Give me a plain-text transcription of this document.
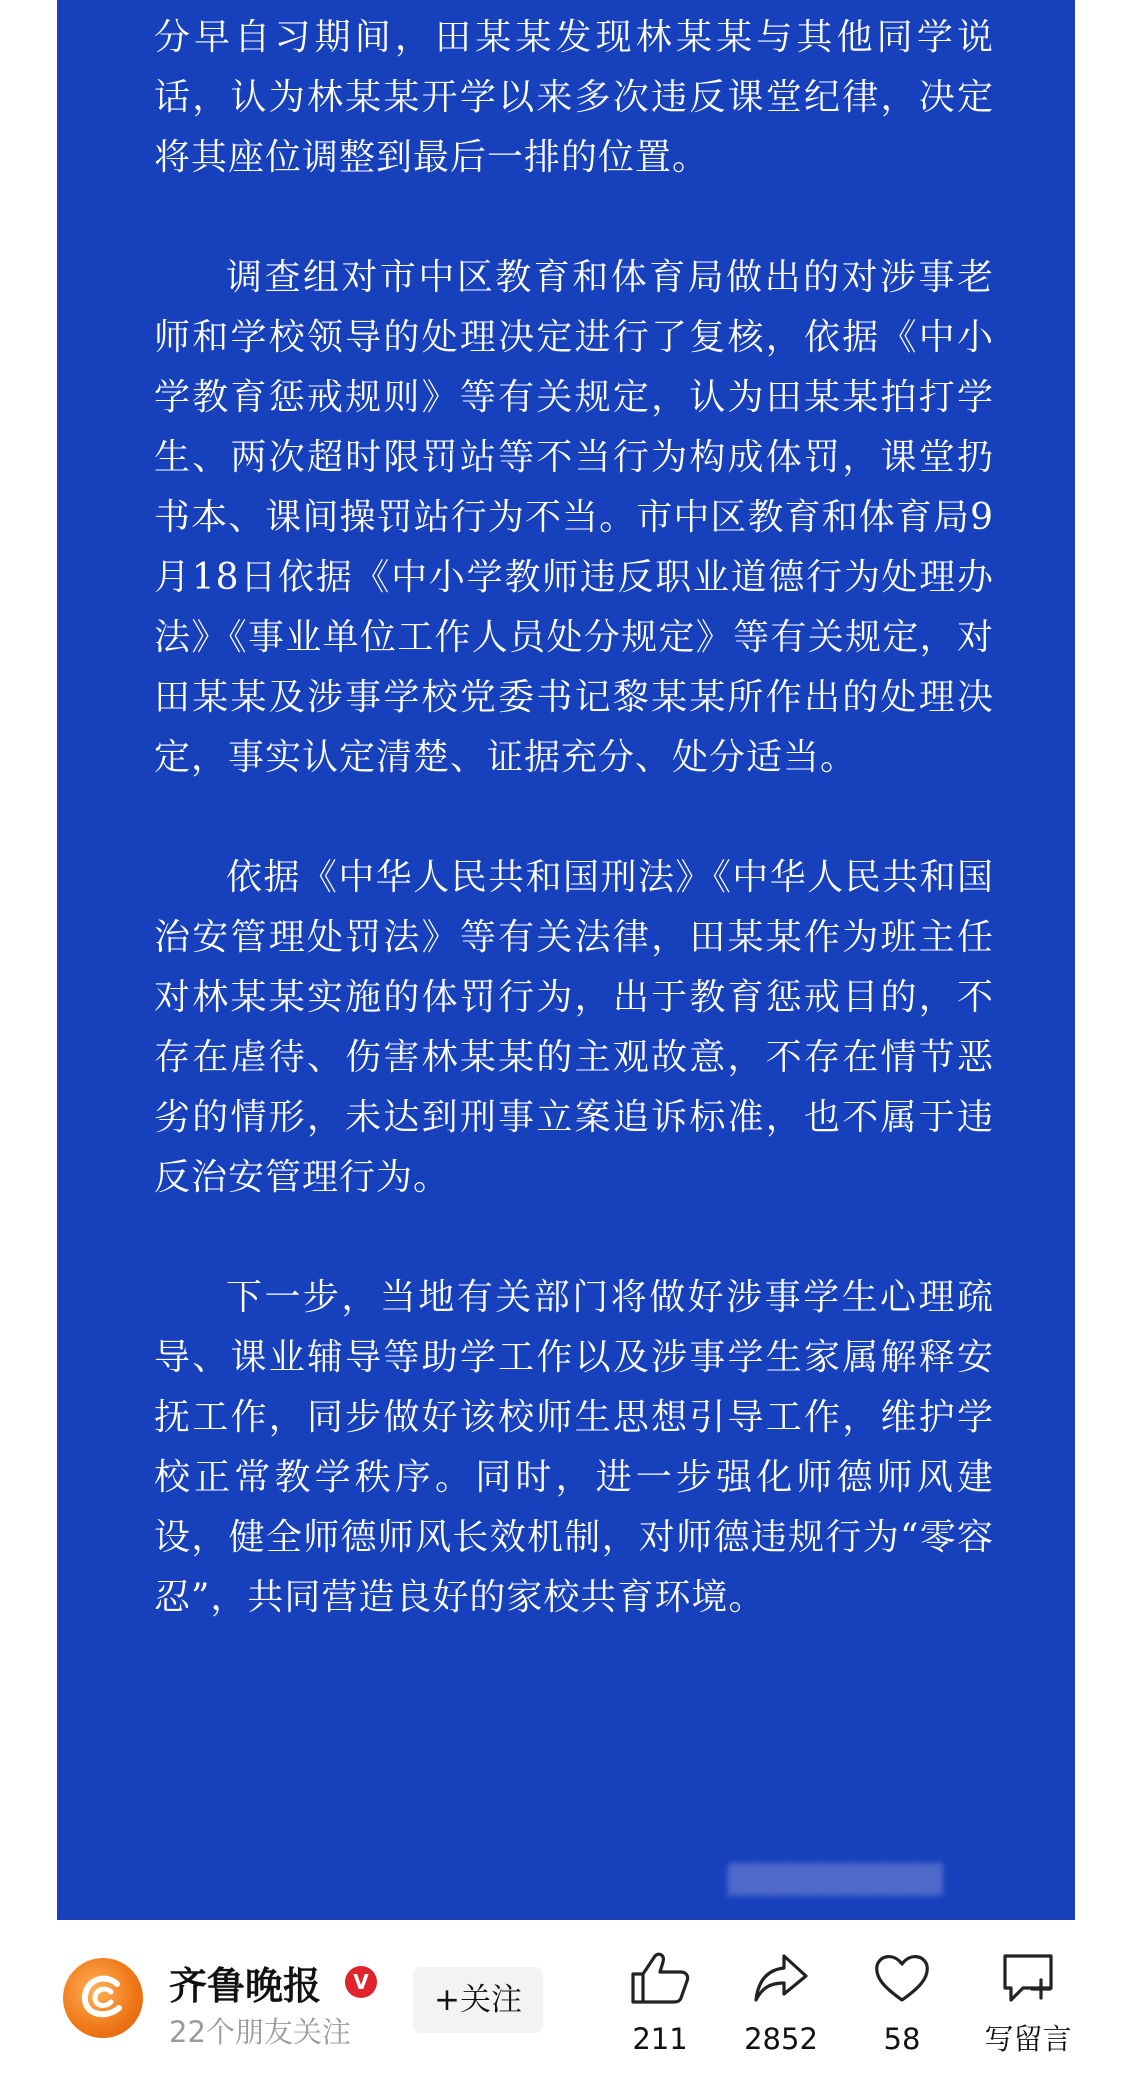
分早自习期间，田某某发现林某某与其他同学说话，认为林某某开学以来多次违反课堂纪律，决定将其座位调整到最后一排的位置。

调查组对市中区教育和体育局做出的对涉事老师和学校领导的处理决定进行了复核，依据《中小学教育惩戒规则》等有关规定，认为田某某拍打学生、两次超时限罚站等不当行为构成体罚，课堂扔书本、课间操罚站行为不当。市中区教育和体育局9月18日依据《中小学教师违反职业道德行为处理办法》《事业单位工作人员处分规定》等有关规定，对田某某及涉事学校党委书记黎某某所作出的处理决定，事实认定清楚、证据充分、处分适当。

依据《中华人民共和国刑法》《中华人民共和国治安管理处罚法》等有关法律，田某某作为班主任对林某某实施的体罚行为，出于教育惩戒目的，不存在虐待、伤害林某某的主观故意，不存在情节恶劣的情形，未达到刑事立案追诉标准，也不属于违反治安管理行为。

下一步，当地有关部门将做好涉事学生心理疏导、课业辅导等助学工作以及涉事学生家属解释安抚工作，同步做好该校师生思想引导工作，维护学校正常教学秩序。同时，进一步强化师德师风建设，健全师德师风长效机制，对师德违规行为“零容忍”，共同营造良好的家校共育环境。

▓▓▓▓▓▓▓▓▓▓
齐鲁晚报	V
22个朋友关注
+关注
211	2852	58	写留言
